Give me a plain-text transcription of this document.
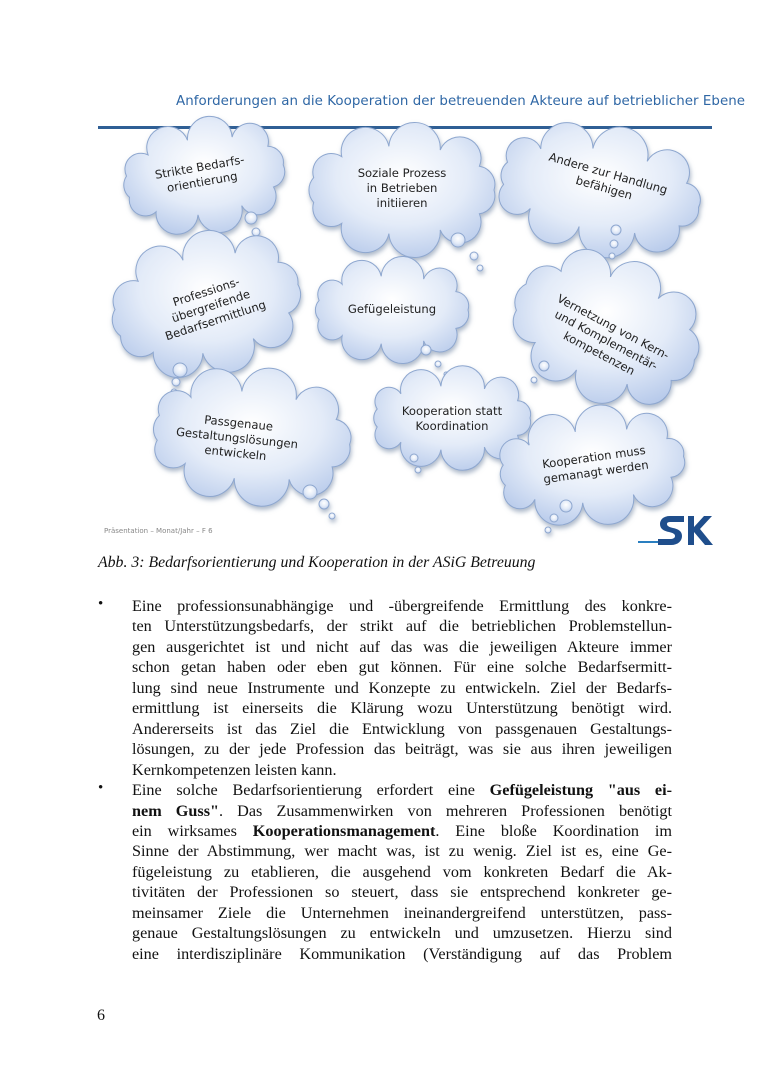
Anforderungen an die Kooperation der betreuenden Akteure auf betrieblicher Ebene
Strikte Bedarfs-
orientierung	Soziale Prozess
in Betrieben
initiieren
Andere zur Handlung
befähigen
Professions-
übergreifende
Bedarfsermittlung	Gefügeleistung	Vernetzung von Kern-
und Komplementär-
kompetenzen
Passgenaue
Gestaltungslösungen
entwickeln
Kooperation statt
Koordination
Kooperation muss
gemanagt werden
Präsentation – Monat/Jahr – F 6
Abb. 3: Bedarfsorientierung und Kooperation in der ASiG Betreuung
• Eine professionsunabhängige und -übergreifende Ermittlung des konkre-
ten Unterstützungsbedarfs, der strikt auf die betrieblichen Problemstellun-
gen ausgerichtet ist und nicht auf das was die jeweiligen Akteure immer
schon getan haben oder eben gut können. Für eine solche Bedarfsermitt-
lung sind neue Instrumente und Konzepte zu entwickeln. Ziel der Bedarfs-
ermittlung ist einerseits die Klärung wozu Unterstützung benötigt wird.
Andererseits ist das Ziel die Entwicklung von passgenauen Gestaltungs-
lösungen, zu der jede Profession das beiträgt, was sie aus ihren jeweiligen
Kernkompetenzen leisten kann.
• Eine solche Bedarfsorientierung erfordert eine Gefügeleistung "aus ei-
nem Guss". Das Zusammenwirken von mehreren Professionen benötigt
ein wirksames Kooperationsmanagement. Eine bloße Koordination im
Sinne der Abstimmung, wer macht was, ist zu wenig. Ziel ist es, eine Ge-
fügeleistung zu etablieren, die ausgehend vom konkreten Bedarf die Ak-
tivitäten der Professionen so steuert, dass sie entsprechend konkreter ge-
meinsamer Ziele die Unternehmen ineinandergreifend unterstützen, pass-
genaue Gestaltungslösungen zu entwickeln und umzusetzen. Hierzu sind
eine interdisziplinäre Kommunikation (Verständigung auf das Problem
6
